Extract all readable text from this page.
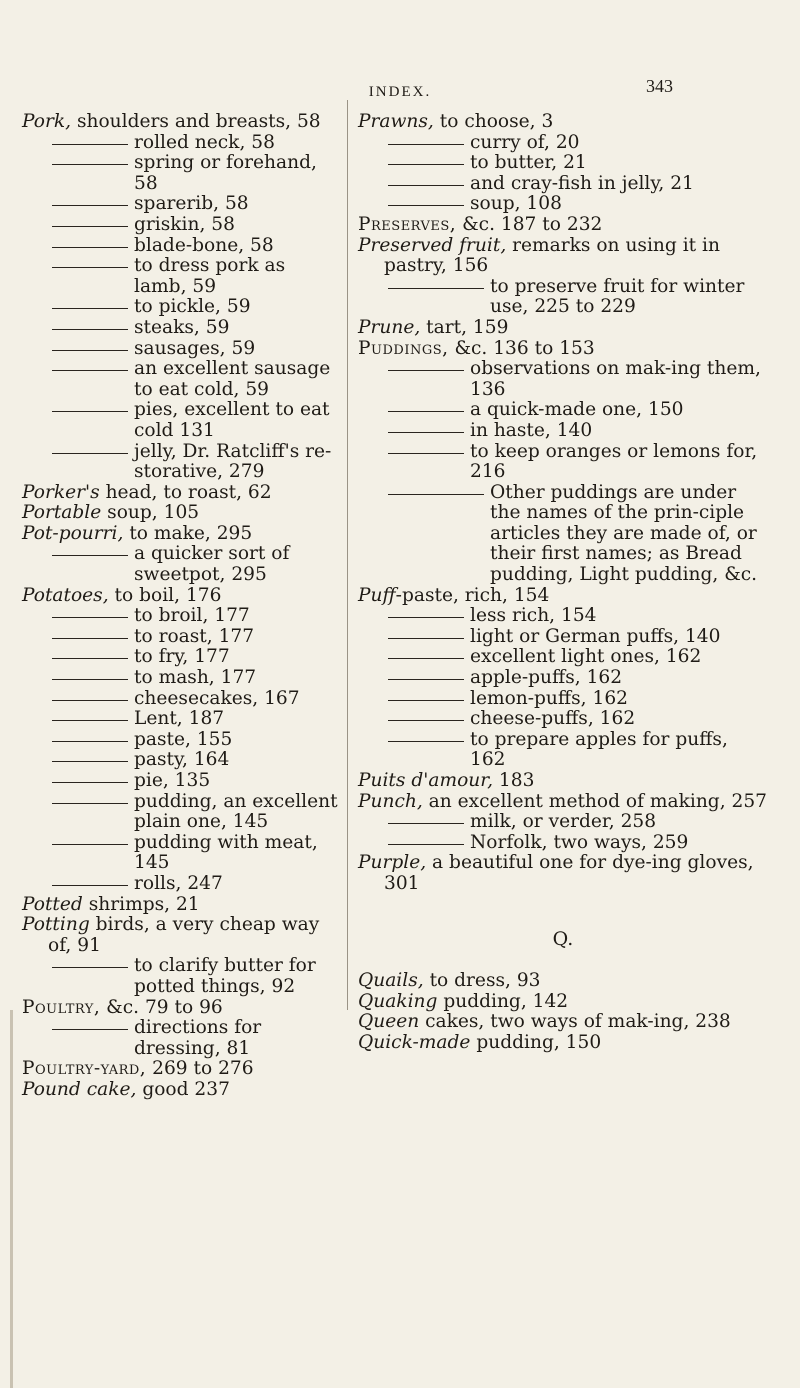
INDEX.	343
Pork, shoulders and breasts, 58
rolled neck, 58
spring or forehand, 58
sparerib, 58
griskin, 58
blade-bone, 58
to dress pork as lamb, 59
to pickle, 59
steaks, 59
sausages, 59
an excellent sausage to eat cold, 59
pies, excellent to eat cold 131
jelly, Dr. Ratcliff's re-storative, 279
Porker's head, to roast, 62
Portable soup, 105
Pot-pourri, to make, 295
a quicker sort of sweetpot, 295
Potatoes, to boil, 176
to broil, 177
to roast, 177
to fry, 177
to mash, 177
cheesecakes, 167
Lent, 187
paste, 155
pasty, 164
pie, 135
pudding, an excellent plain one, 145
pudding with meat, 145
rolls, 247
Potted shrimps, 21
Potting birds, a very cheap way of, 91
to clarify butter for potted things, 92
Poultry, &c. 79 to 96
directions for dressing, 81
Poultry-yard, 269 to 276
Pound cake, good 237
Prawns, to choose, 3
curry of, 20
to butter, 21
and cray-fish in jelly, 21
soup, 108
Preserves, &c. 187 to 232
Preserved fruit, remarks on using it in pastry, 156
to preserve fruit for winter use, 225 to 229
Prune, tart, 159
Puddings, &c. 136 to 153
observations on mak-ing them, 136
a quick-made one, 150
in haste, 140
to keep oranges or lemons for, 216
Other puddings are under the names of the prin-ciple articles they are made of, or their first names; as Bread pudding, Light pudding, &c.
Puff-paste, rich, 154
less rich, 154
light or German puffs, 140
excellent light ones, 162
apple-puffs, 162
lemon-puffs, 162
cheese-puffs, 162
to prepare apples for puffs, 162
Puits d'amour, 183
Punch, an excellent method of making, 257
milk, or verder, 258
Norfolk, two ways, 259
Purple, a beautiful one for dye-ing gloves, 301
Q.
Quails, to dress, 93
Quaking pudding, 142
Queen cakes, two ways of mak-ing, 238
Quick-made pudding, 150
